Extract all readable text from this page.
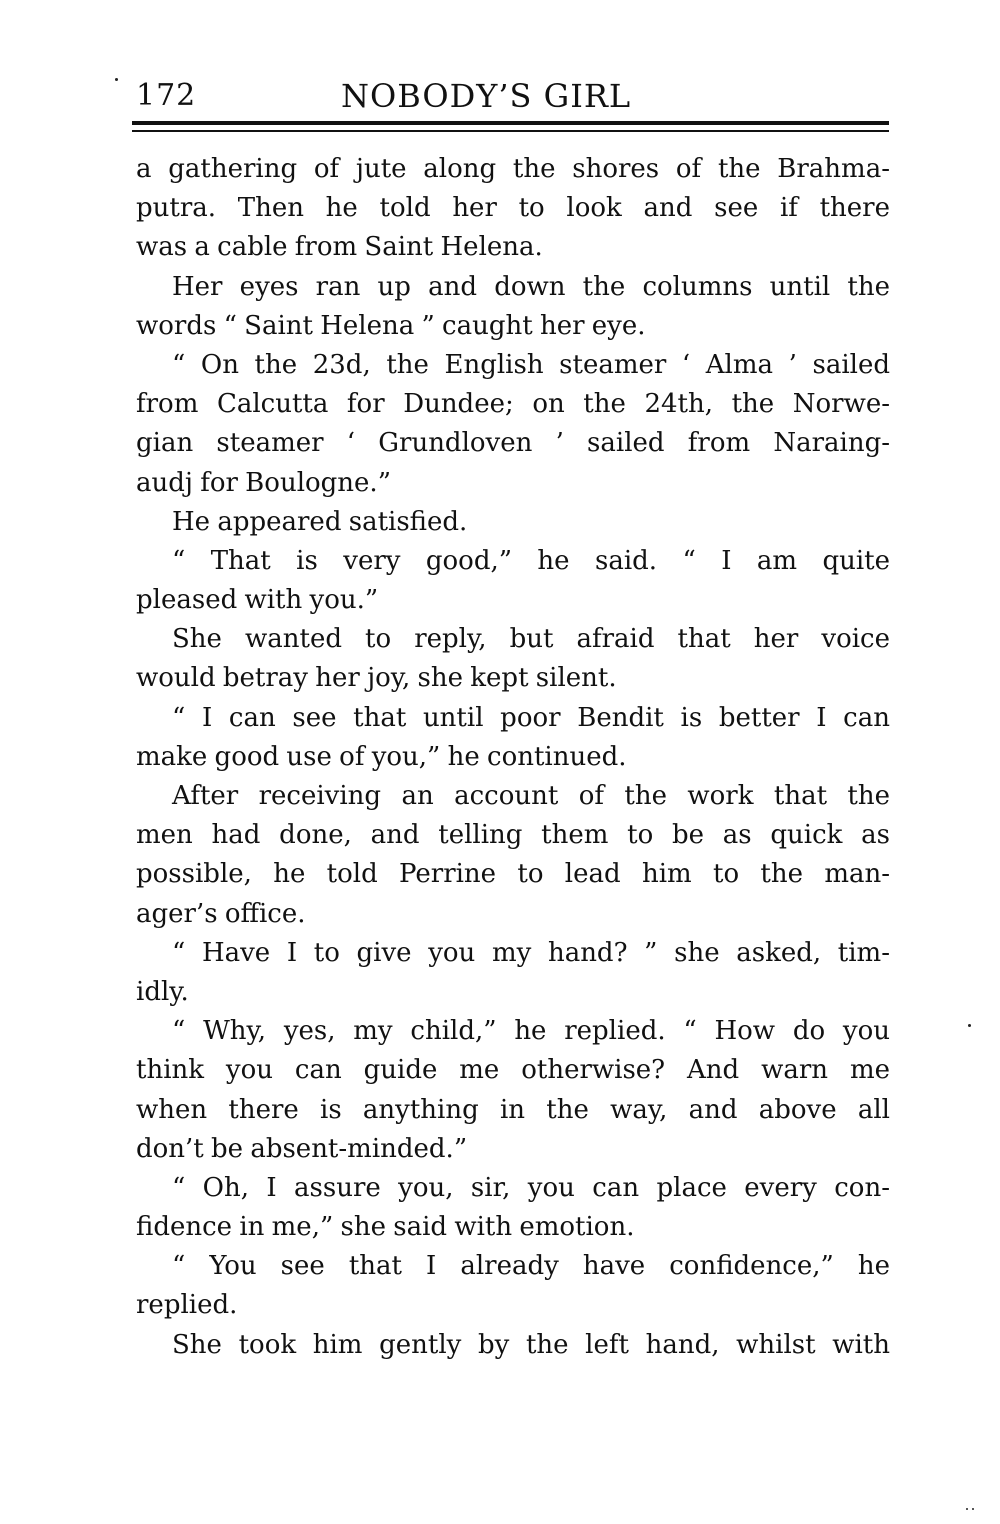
172	NOBODY’S GIRL
a gathering of jute along the shores of the Brahma-
putra. Then he told her to look and see if there
was a cable from Saint Helena.
Her eyes ran up and down the columns until the
words “ Saint Helena ” caught her eye.
“ On the 23d, the English steamer ‘ Alma ’ sailed
from Calcutta for Dundee; on the 24th, the Norwe-
gian steamer ‘ Grundloven ’ sailed from Naraing-
audj for Boulogne.”
He appeared satisfied.
“ That is very good,” he said. “ I am quite
pleased with you.”
She wanted to reply, but afraid that her voice
would betray her joy, she kept silent.
“ I can see that until poor Bendit is better I can
make good use of you,” he continued.
After receiving an account of the work that the
men had done, and telling them to be as quick as
possible, he told Perrine to lead him to the man-
ager’s office.
“ Have I to give you my hand? ” she asked, tim-
idly.
“ Why, yes, my child,” he replied. “ How do you
think you can guide me otherwise? And warn me
when there is anything in the way, and above all
don’t be absent-minded.”
“ Oh, I assure you, sir, you can place every con-
fidence in me,” she said with emotion.
“ You see that I already have confidence,” he
replied.
She took him gently by the left hand, whilst with
